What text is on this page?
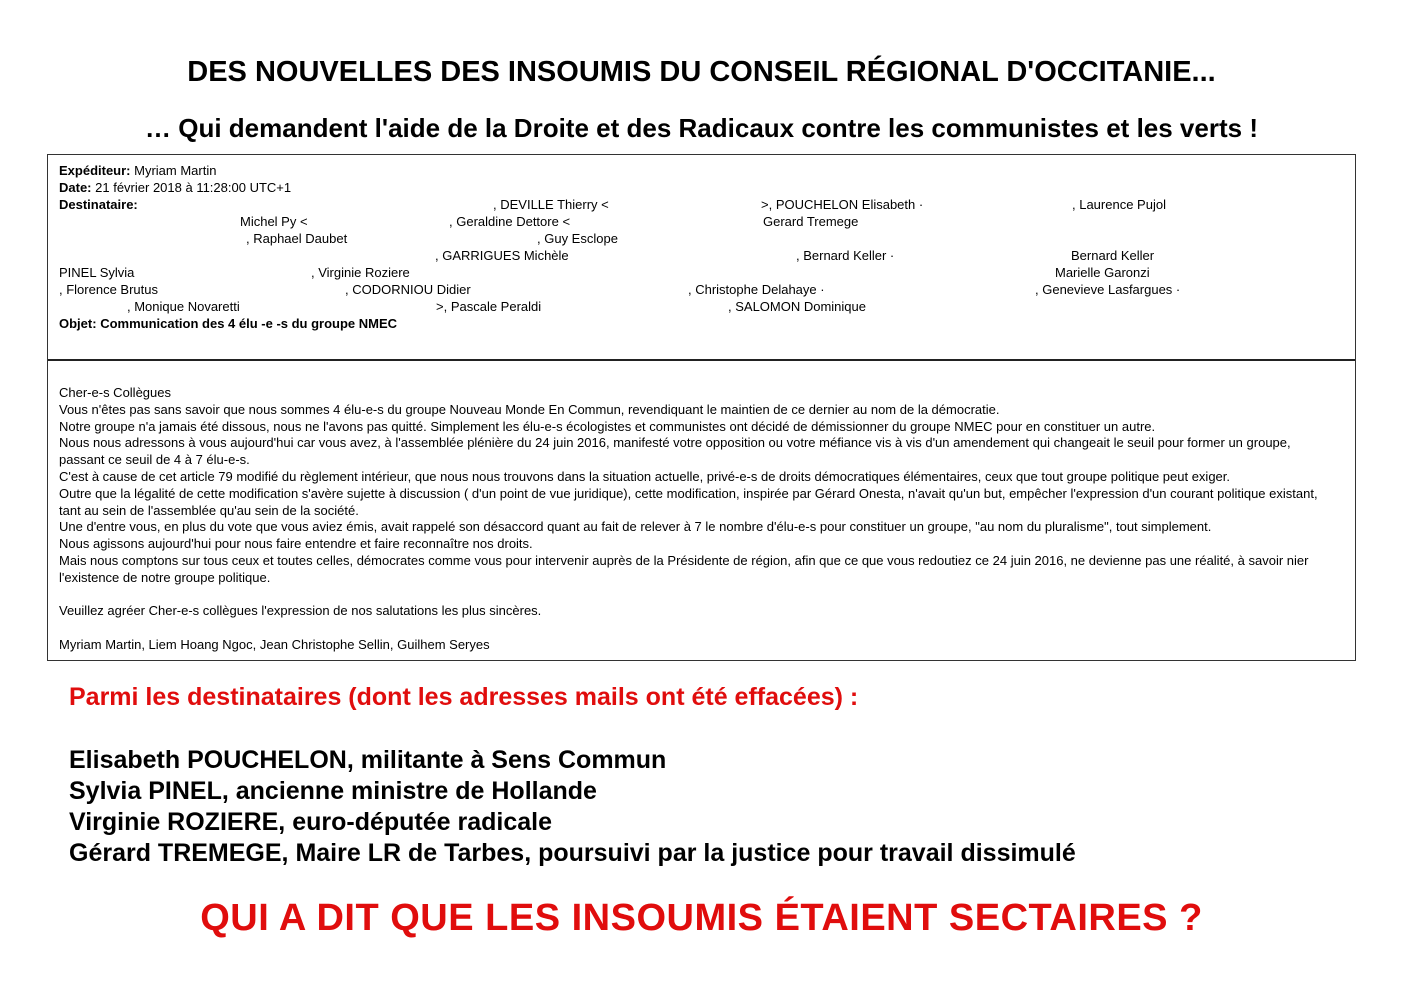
DES NOUVELLES DES INSOUMIS DU CONSEIL RÉGIONAL D'OCCITANIE...
… Qui demandent l'aide de la Droite et des Radicaux contre les communistes et les verts !
Expéditeur: Myriam Martin
Date: 21 février 2018 à 11:28:00 UTC+1
Destinataire:	, DEVILLE Thierry <	>, POUCHELON Elisabeth ·	, Laurence Pujol
Michel Py <	, Geraldine Dettore <	Gerard Tremege
, Raphael Daubet	, Guy Esclope
, GARRIGUES Michèle	, Bernard Keller ·	Bernard Keller
PINEL Sylvia	, Virginie Roziere	Marielle Garonzi
, Florence Brutus	, CODORNIOU Didier	, Christophe Delahaye ·	, Genevieve Lasfargues ·
, Monique Novaretti	>, Pascale Peraldi	, SALOMON Dominique
Objet: Communication des 4 élu -e -s du groupe NMEC

Cher-e-s Collègues

Vous n'êtes pas sans savoir que nous sommes 4 élu-e-s du groupe Nouveau Monde En Commun, revendiquant le maintien de ce dernier au nom de la démocratie.

Notre groupe n'a jamais été dissous, nous ne l'avons pas quitté. Simplement les élu-e-s écologistes et communistes ont décidé de démissionner du groupe NMEC pour en constituer un autre.

Nous nous adressons à vous aujourd'hui car vous avez, à l'assemblée plénière du 24 juin 2016, manifesté votre opposition ou votre méfiance vis à vis d'un amendement qui changeait le seuil pour former un groupe, passant ce seuil de 4 à 7 élu-e-s.

C'est à cause de cet article 79 modifié du règlement intérieur, que nous nous trouvons dans la situation actuelle, privé-e-s de droits démocratiques élémentaires, ceux que tout groupe politique peut exiger.

Outre que la légalité de cette modification s'avère sujette à discussion ( d'un point de vue juridique), cette modification, inspirée par Gérard Onesta, n'avait qu'un but, empêcher l'expression d'un courant politique existant, tant au sein de l'assemblée qu'au sein de la société.

Une d'entre vous, en plus du vote que vous aviez émis, avait rappelé son désaccord quant au fait de relever à 7 le nombre d'élu-e-s pour constituer un groupe, "au nom du pluralisme", tout simplement.

Nous agissons aujourd'hui pour nous faire entendre et faire reconnaître nos droits.

Mais nous comptons sur tous ceux et toutes celles, démocrates comme vous pour intervenir auprès de la Présidente de région, afin que ce que vous redoutiez ce 24 juin 2016, ne devienne pas une réalité, à savoir nier l'existence de notre groupe politique.

Veuillez agréer Cher-e-s collègues l'expression de nos salutations les plus sincères.

Myriam Martin, Liem Hoang Ngoc, Jean Christophe Sellin, Guilhem Seryes

Parmi les destinataires (dont les adresses mails ont été effacées) :
Elisabeth POUCHELON, militante à Sens Commun
Sylvia PINEL, ancienne ministre de Hollande
Virginie ROZIERE, euro-députée radicale
Gérard TREMEGE, Maire LR de Tarbes, poursuivi par la justice pour travail dissimulé
QUI A DIT QUE LES INSOUMIS ÉTAIENT SECTAIRES ?
